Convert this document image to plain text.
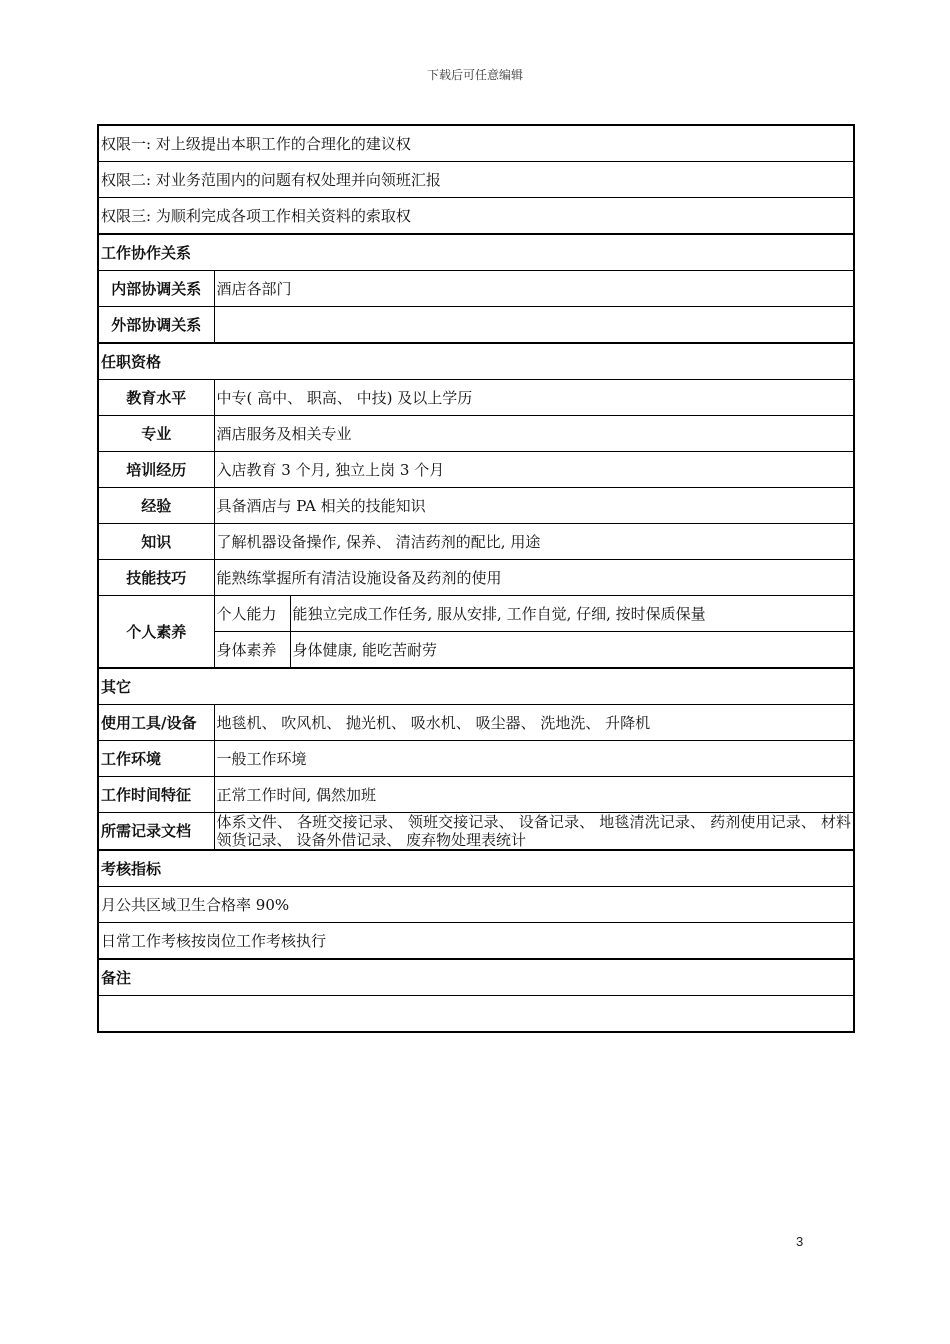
下载后可任意编辑
权限一: 对上级提出本职工作的合理化的建议权		
权限二: 对业务范围内的问题有权处理并向领班汇报		
权限三: 为顺利完成各项工作相关资料的索取权		
工作协作关系		
内部协调关系	酒店各部门	
外部协调关系		
任职资格		
教育水平	中专( 高中、 职高、 中技) 及以上学历	
专业	酒店服务及相关专业	
培训经历	入店教育 3 个月, 独立上岗 3 个月	
经验	具备酒店与 PA 相关的技能知识	
知识	了解机器设备操作, 保养、 清洁药剂的配比, 用途	
技能技巧	能熟练掌握所有清洁设施设备及药剂的使用	
个人素养	个人能力	能独立完成工作任务, 服从安排, 工作自觉, 仔细, 按时保质保量
	身体素养	身体健康, 能吃苦耐劳
其它		
使用工具/设备	地毯机、 吹风机、 抛光机、 吸水机、 吸尘器、 洗地洗、 升降机	
工作环境	一般工作环境	
工作时间特征	正常工作时间, 偶然加班	
所需记录文档	体系文件、 各班交接记录、 领班交接记录、 设备记录、 地毯清洗记录、 药剂使用记录、 材料领货记录、 设备外借记录、 废弃物处理表统计	
考核指标		
月公共区域卫生合格率 90%		
日常工作考核按岗位工作考核执行		
备注		

3
